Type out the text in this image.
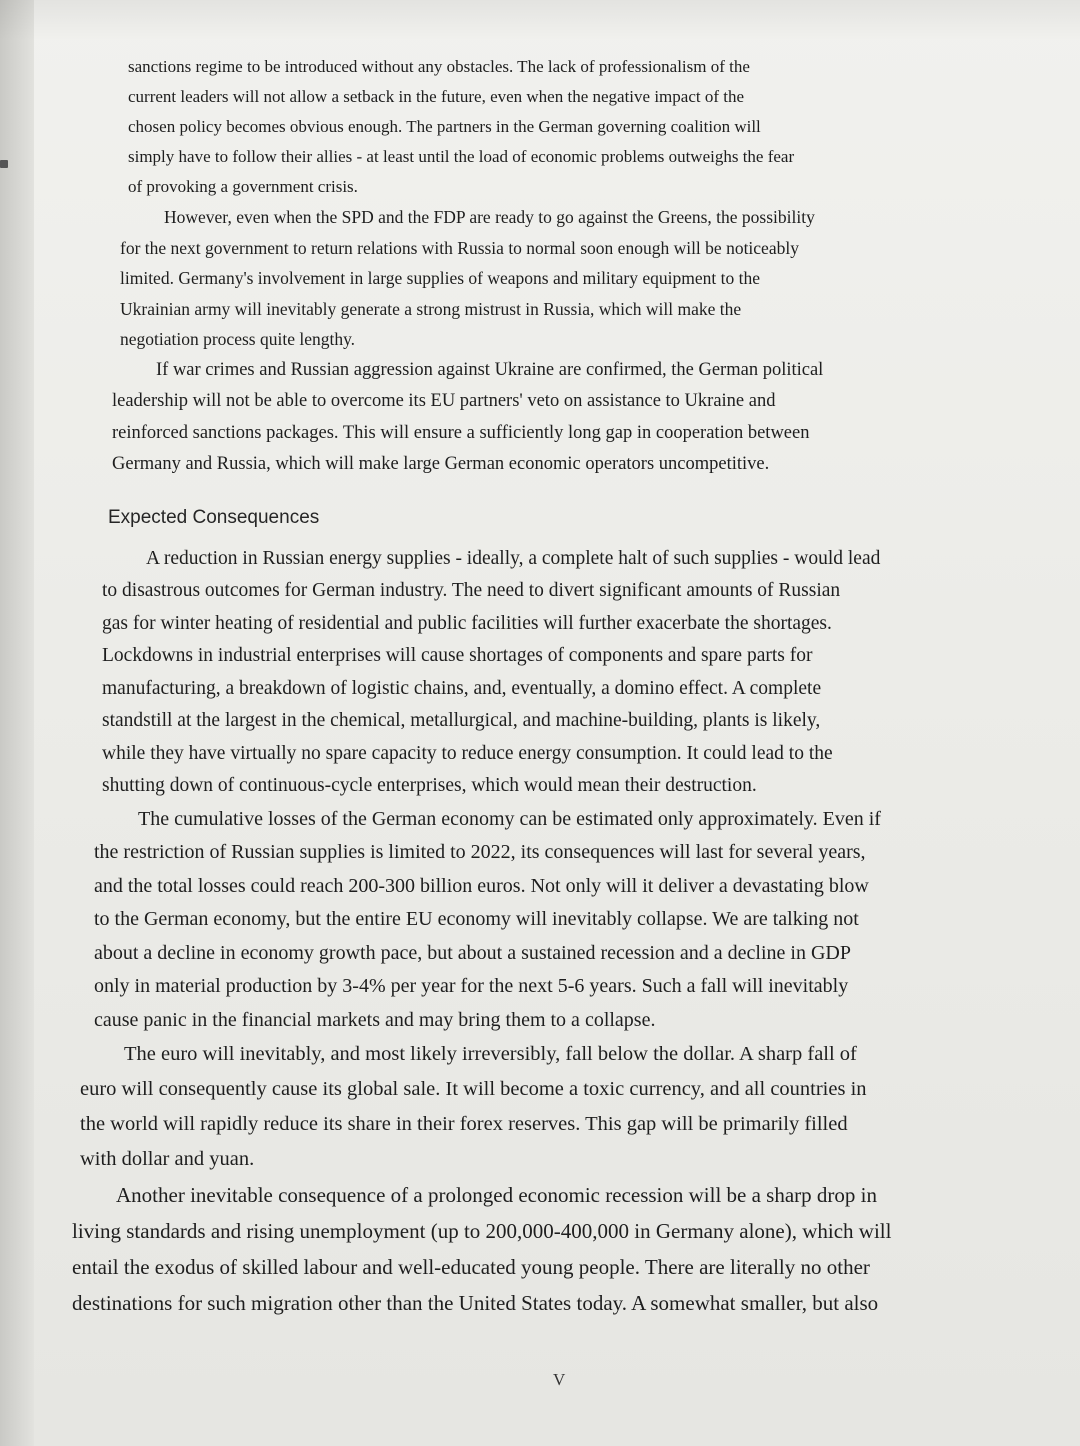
sanctions regime to be introduced without any obstacles. The lack of professionalism of the
current leaders will not allow a setback in the future, even when the negative impact of the
chosen policy becomes obvious enough. The partners in the German governing coalition will
simply have to follow their allies - at least until the load of economic problems outweighs the fear
of provoking a government crisis.

However, even when the SPD and the FDP are ready to go against the Greens, the possibility
for the next government to return relations with Russia to normal soon enough will be noticeably
limited. Germany's involvement in large supplies of weapons and military equipment to the
Ukrainian army will inevitably generate a strong mistrust in Russia, which will make the
negotiation process quite lengthy.

If war crimes and Russian aggression against Ukraine are confirmed, the German political
leadership will not be able to overcome its EU partners' veto on assistance to Ukraine and
reinforced sanctions packages. This will ensure a sufficiently long gap in cooperation between
Germany and Russia, which will make large German economic operators uncompetitive.

Expected Consequences

A reduction in Russian energy supplies - ideally, a complete halt of such supplies - would lead
to disastrous outcomes for German industry. The need to divert significant amounts of Russian
gas for winter heating of residential and public facilities will further exacerbate the shortages.
Lockdowns in industrial enterprises will cause shortages of components and spare parts for
manufacturing, a breakdown of logistic chains, and, eventually, a domino effect. A complete
standstill at the largest in the chemical, metallurgical, and machine-building, plants is likely,
while they have virtually no spare capacity to reduce energy consumption. It could lead to the
shutting down of continuous-cycle enterprises, which would mean their destruction.

The cumulative losses of the German economy can be estimated only approximately. Even if
the restriction of Russian supplies is limited to 2022, its consequences will last for several years,
and the total losses could reach 200-300 billion euros. Not only will it deliver a devastating blow
to the German economy, but the entire EU economy will inevitably collapse. We are talking not
about a decline in economy growth pace, but about a sustained recession and a decline in GDP
only in material production by 3-4% per year for the next 5-6 years. Such a fall will inevitably
cause panic in the financial markets and may bring them to a collapse.

The euro will inevitably, and most likely irreversibly, fall below the dollar. A sharp fall of
euro will consequently cause its global sale. It will become a toxic currency, and all countries in
the world will rapidly reduce its share in their forex reserves. This gap will be primarily filled
with dollar and yuan.

Another inevitable consequence of a prolonged economic recession will be a sharp drop in
living standards and rising unemployment (up to 200,000-400,000 in Germany alone), which will
entail the exodus of skilled labour and well-educated young people. There are literally no other
destinations for such migration other than the United States today. A somewhat smaller, but also

V
